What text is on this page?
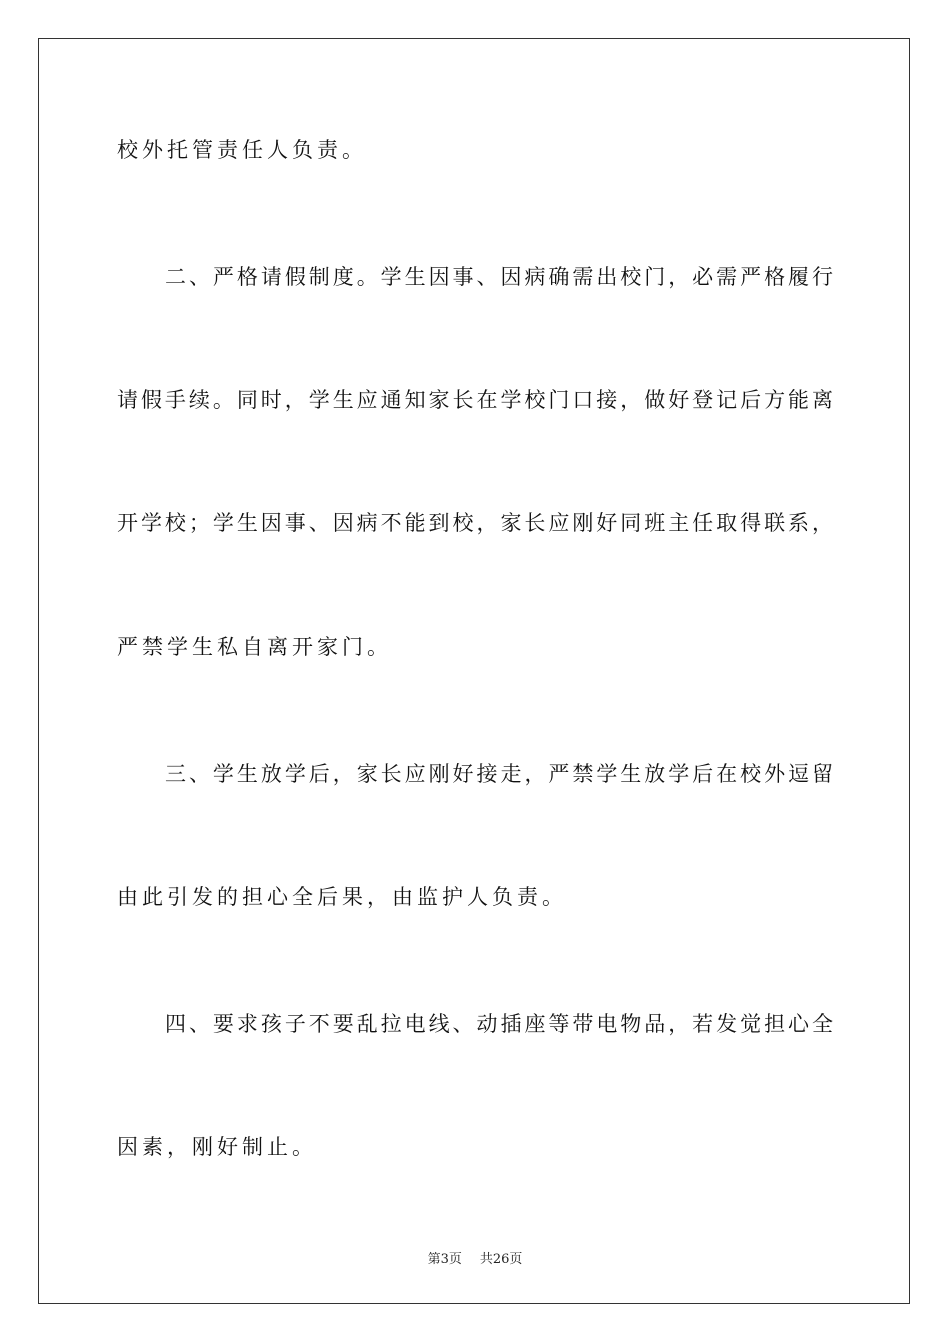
校外托管责任人负责。
二、严格请假制度。学生因事、因病确需出校门，必需严格履行
请假手续。同时，学生应通知家长在学校门口接，做好登记后方能离
开学校；学生因事、因病不能到校，家长应刚好同班主任取得联系，
严禁学生私自离开家门。
三、学生放学后，家长应刚好接走，严禁学生放学后在校外逗留
由此引发的担心全后果，由监护人负责。
四、要求孩子不要乱拉电线、动插座等带电物品，若发觉担心全
因素，刚好制止。
第3页 共26页
